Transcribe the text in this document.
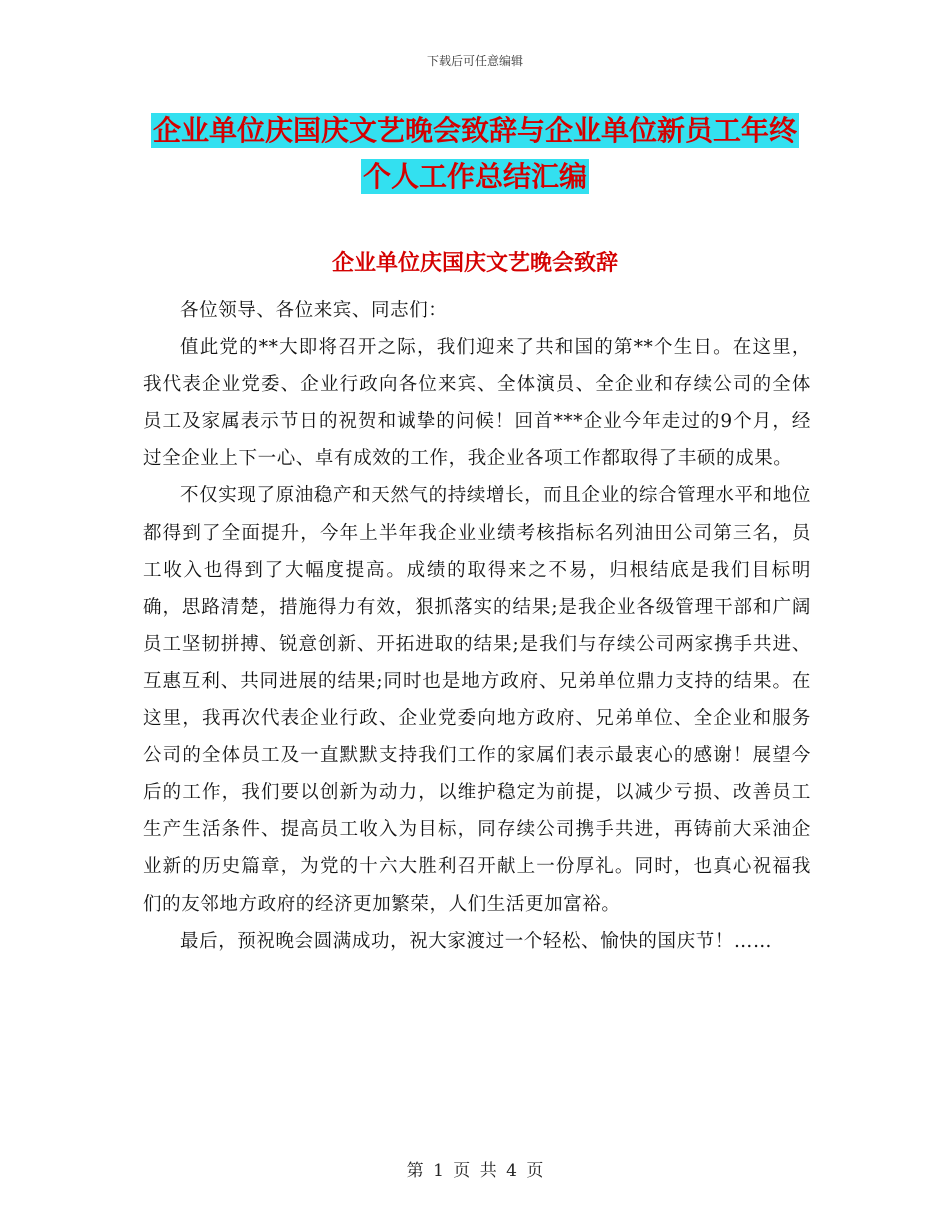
下载后可任意编辑
企业单位庆国庆文艺晚会致辞与企业单位新员工年终
个人工作总结汇编
企业单位庆国庆文艺晚会致辞

各位领导、各位来宾、同志们：

值此党的**大即将召开之际，我们迎来了共和国的第**个生日。在这里，我代表企业党委、企业行政向各位来宾、全体演员、全企业和存续公司的全体员工及家属表示节日的祝贺和诚挚的问候！回首***企业今年走过的9个月，经过全企业上下一心、卓有成效的工作，我企业各项工作都取得了丰硕的成果。

不仅实现了原油稳产和天然气的持续增长，而且企业的综合管理水平和地位都得到了全面提升，今年上半年我企业业绩考核指标名列油田公司第三名，员工收入也得到了大幅度提高。成绩的取得来之不易，归根结底是我们目标明确，思路清楚，措施得力有效，狠抓落实的结果;是我企业各级管理干部和广阔员工坚韧拼搏、锐意创新、开拓进取的结果;是我们与存续公司两家携手共进、互惠互利、共同进展的结果;同时也是地方政府、兄弟单位鼎力支持的结果。在这里，我再次代表企业行政、企业党委向地方政府、兄弟单位、全企业和服务公司的全体员工及一直默默支持我们工作的家属们表示最衷心的感谢！展望今后的工作，我们要以创新为动力，以维护稳定为前提，以减少亏损、改善员工生产生活条件、提高员工收入为目标，同存续公司携手共进，再铸前大采油企业新的历史篇章，为党的十六大胜利召开献上一份厚礼。同时，也真心祝福我们的友邻地方政府的经济更加繁荣，人们生活更加富裕。

最后，预祝晚会圆满成功，祝大家渡过一个轻松、愉快的国庆节！……

第 1 页 共 4 页
